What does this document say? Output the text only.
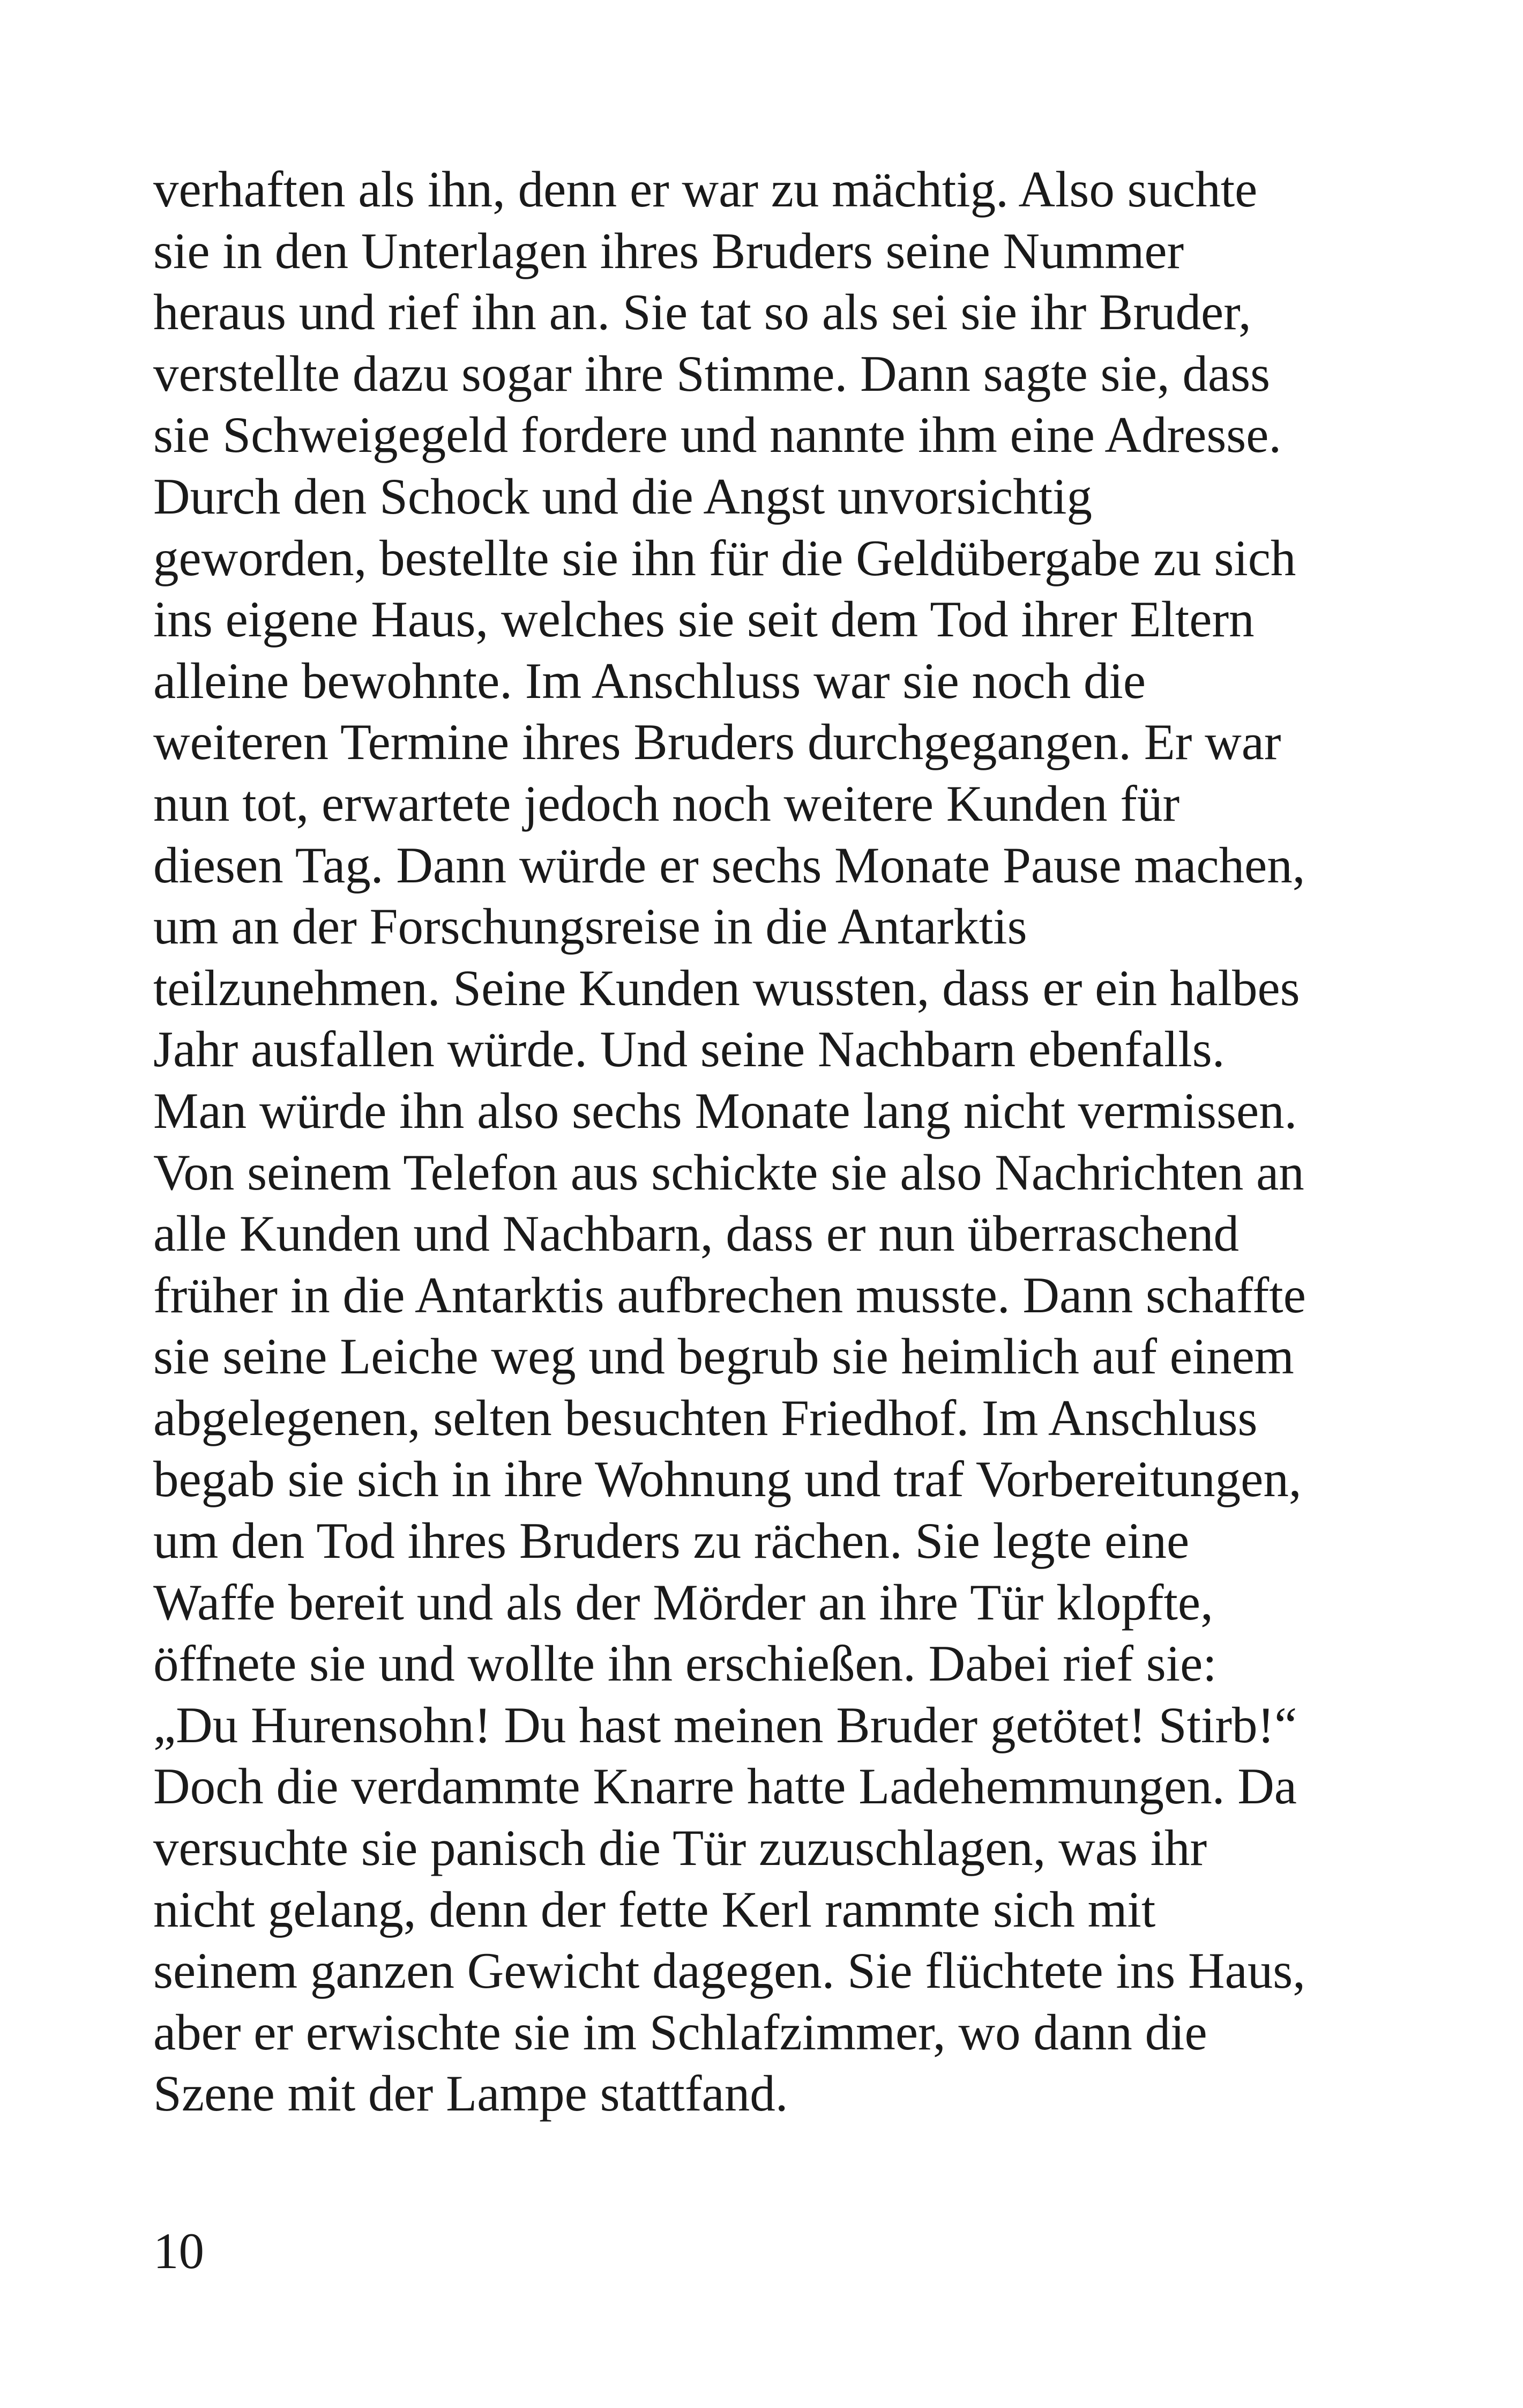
verhaften als ihn, denn er war zu mächtig. Also suchte
sie in den Unterlagen ihres Bruders seine Nummer
heraus und rief ihn an. Sie tat so als sei sie ihr Bruder,
verstellte dazu sogar ihre Stimme. Dann sagte sie, dass
sie Schweigegeld fordere und nannte ihm eine Adresse.
Durch den Schock und die Angst unvorsichtig
geworden, bestellte sie ihn für die Geldübergabe zu sich
ins eigene Haus, welches sie seit dem Tod ihrer Eltern
alleine bewohnte. Im Anschluss war sie noch die
weiteren Termine ihres Bruders durchgegangen. Er war
nun tot, erwartete jedoch noch weitere Kunden für
diesen Tag. Dann würde er sechs Monate Pause machen,
um an der Forschungsreise in die Antarktis
teilzunehmen. Seine Kunden wussten, dass er ein halbes
Jahr ausfallen würde. Und seine Nachbarn ebenfalls.
Man würde ihn also sechs Monate lang nicht vermissen.
Von seinem Telefon aus schickte sie also Nachrichten an
alle Kunden und Nachbarn, dass er nun überraschend
früher in die Antarktis aufbrechen musste. Dann schaffte
sie seine Leiche weg und begrub sie heimlich auf einem
abgelegenen, selten besuchten Friedhof. Im Anschluss
begab sie sich in ihre Wohnung und traf Vorbereitungen,
um den Tod ihres Bruders zu rächen. Sie legte eine
Waffe bereit und als der Mörder an ihre Tür klopfte,
öffnete sie und wollte ihn erschießen. Dabei rief sie:
„Du Hurensohn! Du hast meinen Bruder getötet! Stirb!“
Doch die verdammte Knarre hatte Ladehemmungen. Da
versuchte sie panisch die Tür zuzuschlagen, was ihr
nicht gelang, denn der fette Kerl rammte sich mit
seinem ganzen Gewicht dagegen. Sie flüchtete ins Haus,
aber er erwischte sie im Schlafzimmer, wo dann die
Szene mit der Lampe stattfand.

10
